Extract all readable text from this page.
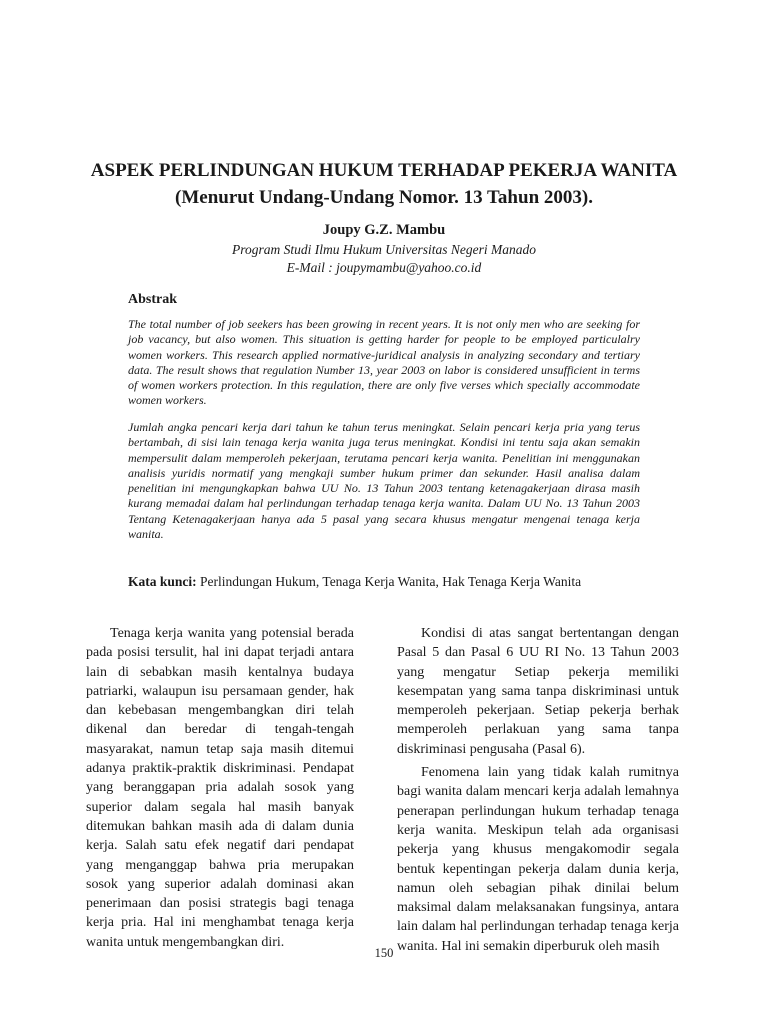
ASPEK PERLINDUNGAN HUKUM TERHADAP PEKERJA WANITA
(Menurut Undang-Undang Nomor. 13 Tahun 2003).

Joupy G.Z. Mambu

Program Studi Ilmu Hukum Universitas Negeri Manado
E-Mail : joupymambu@yahoo.co.id

Abstrak

The total number of job seekers has been growing in recent years. It is not only men who are seeking for job vacancy, but also women. This situation is getting harder for people to be employed particulalry women workers. This research applied normative-juridical analysis in analyzing secondary and tertiary data. The result shows that regulation Number 13, year 2003 on labor is considered unsufficient in terms of women workers protection. In this regulation, there are only five verses which specially accommodate women workers.

Jumlah angka pencari kerja dari tahun ke tahun terus meningkat. Selain pencari kerja pria yang terus bertambah, di sisi lain tenaga kerja wanita juga terus meningkat. Kondisi ini tentu saja akan semakin mempersulit dalam memperoleh pekerjaan, terutama pencari kerja wanita. Penelitian ini menggunakan analisis yuridis normatif yang mengkaji sumber hukum primer dan sekunder. Hasil analisa dalam penelitian ini mengungkapkan bahwa UU No. 13 Tahun 2003 tentang ketenagakerjaan dirasa masih kurang memadai dalam hal perlindungan terhadap tenaga kerja wanita. Dalam UU No. 13 Tahun 2003 Tentang Ketenagakerjaan hanya ada 5 pasal yang secara khusus mengatur mengenai tenaga kerja wanita.

Kata kunci: Perlindungan Hukum, Tenaga Kerja Wanita, Hak Tenaga Kerja Wanita

Tenaga kerja wanita yang potensial berada pada posisi tersulit, hal ini dapat terjadi antara lain di sebabkan masih kentalnya budaya patriarki, walaupun isu persamaan gender, hak dan kebebasan mengembangkan diri telah dikenal dan beredar di tengah-tengah masyarakat, namun tetap saja masih ditemui adanya praktik-praktik diskriminasi. Pendapat yang beranggapan pria adalah sosok yang superior dalam segala hal masih banyak ditemukan bahkan masih ada di dalam dunia kerja. Salah satu efek negatif dari pendapat yang menganggap bahwa pria merupakan sosok yang superior adalah dominasi akan penerimaan dan posisi strategis bagi tenaga kerja pria. Hal ini menghambat tenaga kerja wanita untuk mengembangkan diri.

Kondisi di atas sangat bertentangan dengan Pasal 5 dan Pasal 6 UU RI No. 13 Tahun 2003 yang mengatur Setiap pekerja memiliki kesempatan yang sama tanpa diskriminasi untuk memperoleh pekerjaan. Setiap pekerja berhak memperoleh perlakuan yang sama tanpa diskriminasi pengusaha (Pasal 6).

Fenomena lain yang tidak kalah rumitnya bagi wanita dalam mencari kerja adalah lemahnya penerapan perlindungan hukum terhadap tenaga kerja wanita. Meskipun telah ada organisasi pekerja yang khusus mengakomodir segala bentuk kepentingan pekerja dalam dunia kerja, namun oleh sebagian pihak dinilai belum maksimal dalam melaksanakan fungsinya, antara lain dalam hal perlindungan terhadap tenaga kerja wanita. Hal ini semakin diperburuk oleh masih

150
